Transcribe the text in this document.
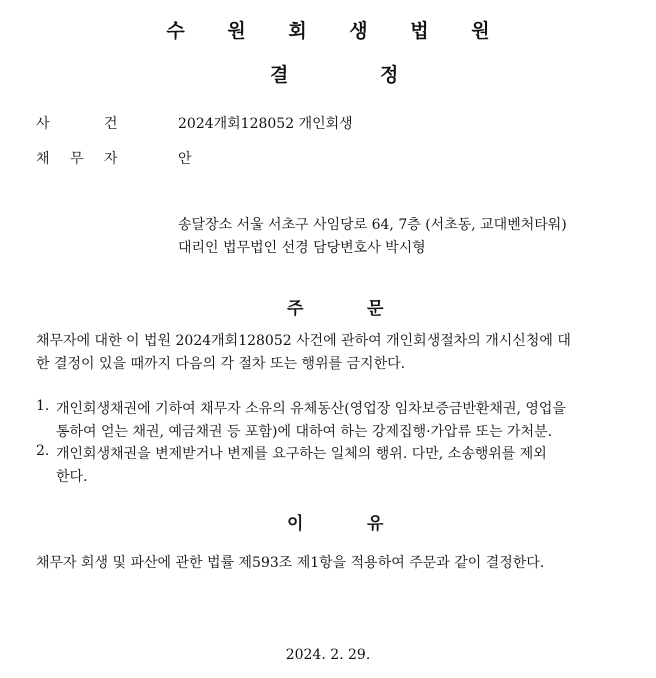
수 원 회 생 법 원
결	정
사	건	2024개회128052 개인회생
채 무 자	안
송달장소 서울 서초구 사임당로 64, 7층 (서초동, 교대벤처타워)
대리인 법무법인 선경 담당변호사 박시형
주	문
채무자에 대한 이 법원 2024개회128052 사건에 관하여 개인회생절차의 개시신청에 대
한 결정이 있을 때까지 다음의 각 절차 또는 행위를 금지한다.
1. 개인회생채권에 기하여 채무자 소유의 유체동산(영업장 임차보증금반환채권, 영업을
통하여 얻는 채권, 예금채권 등 포함)에 대하여 하는 강제집행·가압류 또는 가처분.
2. 개인회생채권을 변제받거나 변제를 요구하는 일체의 행위. 다만, 소송행위를 제외
한다.
이	유
채무자 회생 및 파산에 관한 법률 제593조 제1항을 적용하여 주문과 같이 결정한다.
2024. 2. 29.
